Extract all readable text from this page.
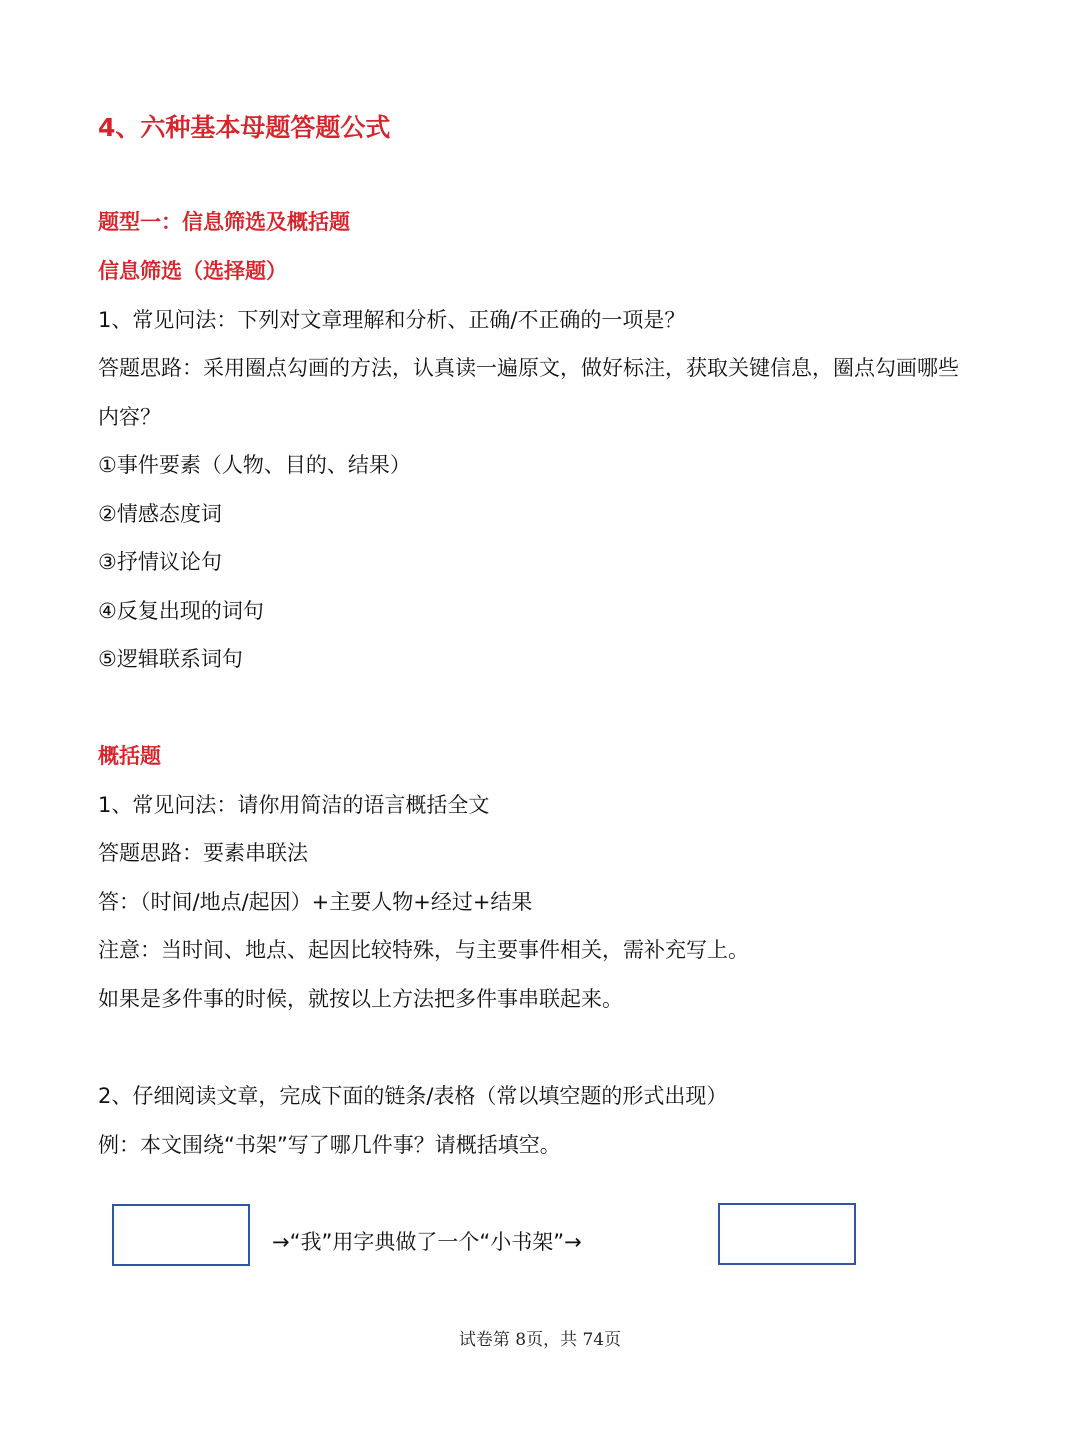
4、六种基本母题答题公式
题型一：信息筛选及概括题
信息筛选（选择题）
1、常见问法：下列对文章理解和分析、正确/不正确的一项是？
答题思路：采用圈点勾画的方法，认真读一遍原文，做好标注，获取关键信息，圈点勾画哪些
内容？
①事件要素（人物、目的、结果）
②情感态度词
③抒情议论句
④反复出现的词句
⑤逻辑联系词句
概括题
1、常见问法：请你用简洁的语言概括全文
答题思路：要素串联法
答：（时间/地点/起因）+主要人物+经过+结果
注意：当时间、地点、起因比较特殊，与主要事件相关，需补充写上。
如果是多件事的时候，就按以上方法把多件事串联起来。
2、仔细阅读文章，完成下面的链条/表格（常以填空题的形式出现）
例：本文围绕“书架”写了哪几件事？请概括填空。
→“我”用字典做了一个“小书架”→
试卷第 8页，共 74页
